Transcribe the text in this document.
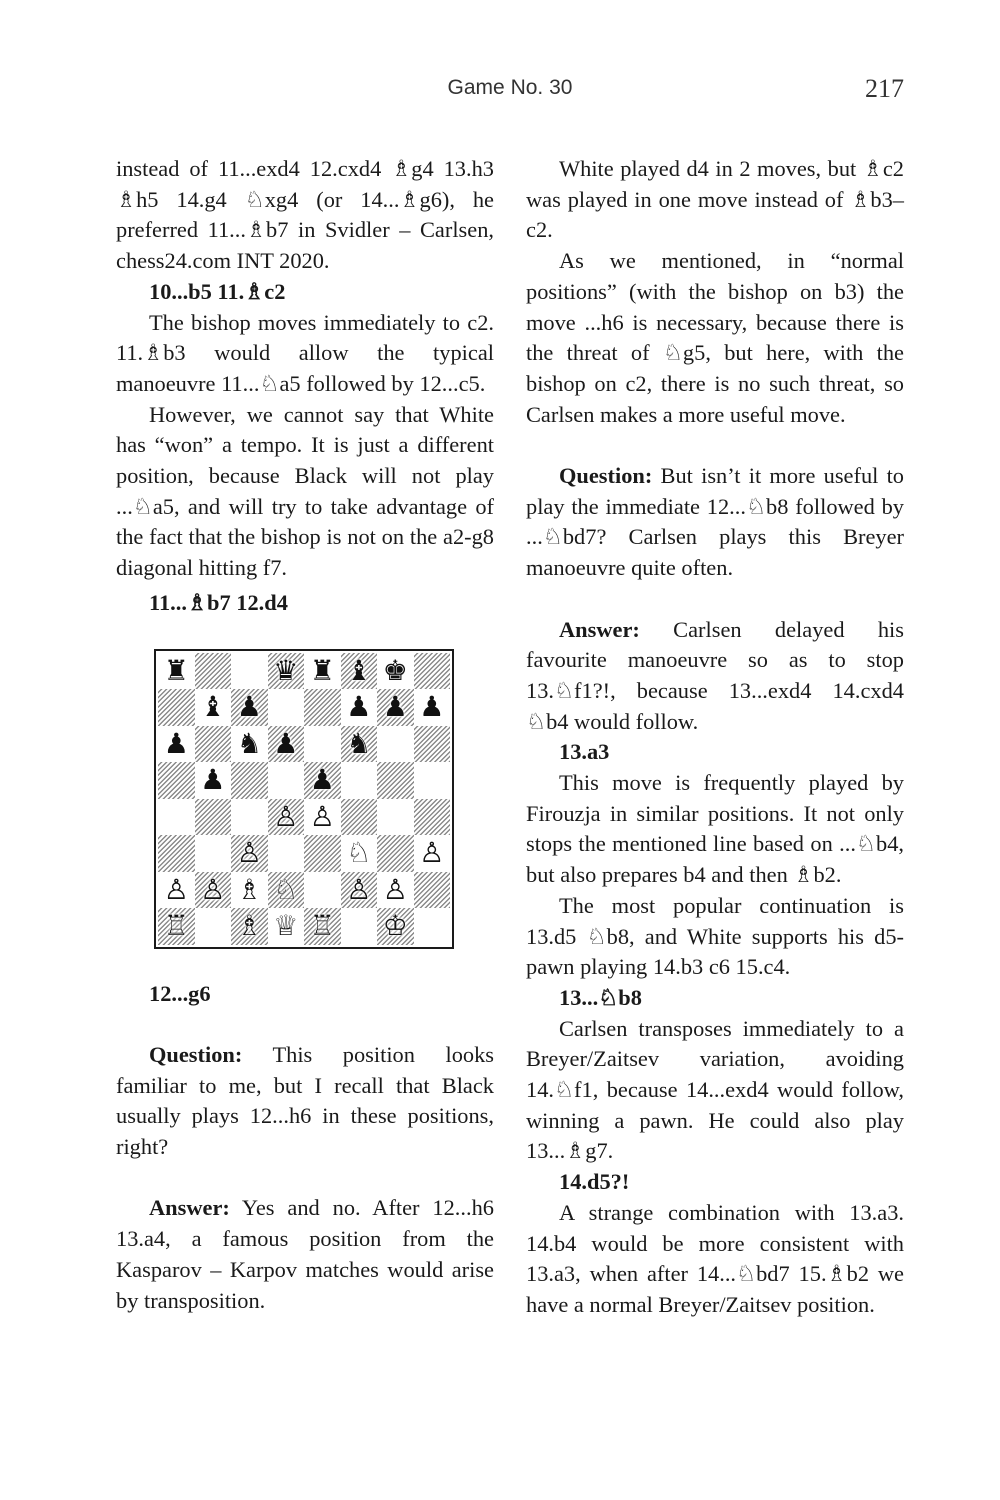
Game No. 30	217

instead of 11...exd4 12.cxd4 ♗g4 13.h3 ♗h5 14.g4 ♘xg4 (or 14...♗g6), he preferred 11...♗b7 in Svidler – Carlsen, chess24.com INT 2020.

10...b5 11.♗c2

The bishop moves immediately to c2. 11.♗b3 would allow the typical manoeuvre 11...♘a5 followed by 12...c5.

However, we cannot say that White has “won” a tempo. It is just a different position, because Black will not play ...♘a5, and will try to take advantage of the fact that the bishop is not on the a2-g8 diagonal hitting f7.

11...♗b7 12.d4

♜	♛ ♜ ♝ ♚
♝ ♟	♟ ♟ ♟
♟ ♞ ♟ ♞
♟	♟
♙ ♙
♙	♘ ♙
♙ ♙ ♗ ♘ ♙ ♙
♖ ♗ ♕ ♖ ♔

12...g6

Question: This position looks familiar to me, but I recall that Black usually plays 12...h6 in these positions, right?

Answer: Yes and no. After 12...h6 13.a4, a famous position from the Kasparov – Karpov matches would arise by transposition.

White played d4 in 2 moves, but ♗c2 was played in one move instead of ♗b3–c2.

As we mentioned, in “normal positions” (with the bishop on b3) the move ...h6 is necessary, because there is the threat of ♘g5, but here, with the bishop on c2, there is no such threat, so Carlsen makes a more useful move.

Question: But isn’t it more useful to play the immediate 12...♘b8 followed by ...♘bd7? Carlsen plays this Breyer manoeuvre quite often.

Answer: Carlsen delayed his favourite manoeuvre so as to stop 13.♘f1?!, because 13...exd4 14.cxd4 ♘b4 would follow.

13.a3

This move is frequently played by Firouzja in similar positions. It not only stops the mentioned line based on ...♘b4, but also prepares b4 and then ♗b2.

The most popular continuation is 13.d5 ♘b8, and White supports his d5-pawn playing 14.b3 c6 15.c4.

13...♘b8

Carlsen transposes immediately to a Breyer/Zaitsev variation, avoiding 14.♘f1, because 14...exd4 would follow, winning a pawn. He could also play 13...♗g7.

14.d5?!

A strange combination with 13.a3. 14.b4 would be more consistent with 13.a3, when after 14...♘bd7 15.♗b2 we have a normal Breyer/Zaitsev position.
